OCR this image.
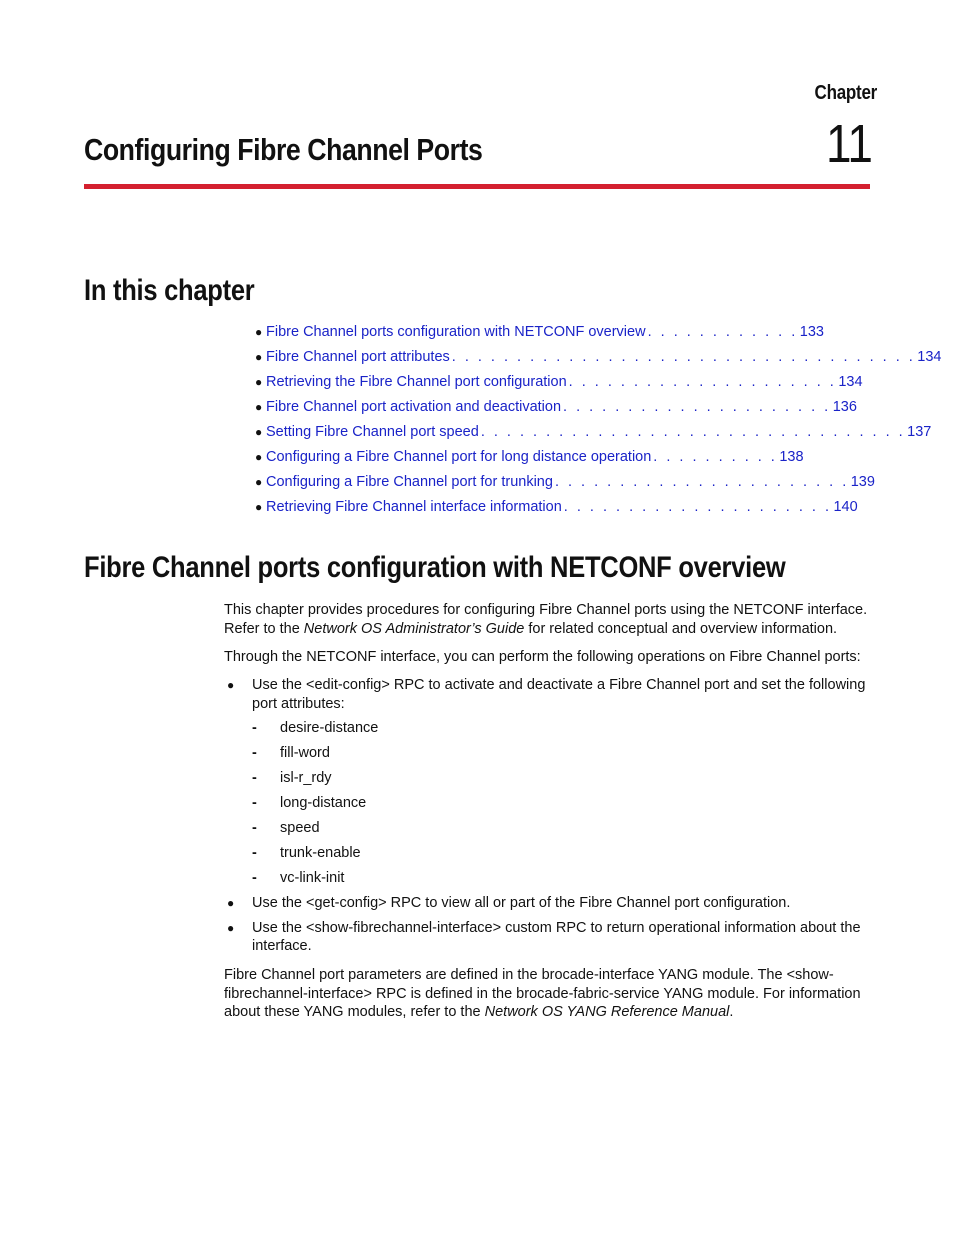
Chapter
11
Configuring Fibre Channel Ports
In this chapter
● Fibre Channel ports configuration with NETCONF overview . . . . . . . . . . . . 133
● Fibre Channel port attributes . . . . . . . . . . . . . . . . . . . . . . . . . . . . . . . . . . . . 134
● Retrieving the Fibre Channel port configuration . . . . . . . . . . . . . . . . . . . . . 134
● Fibre Channel port activation and deactivation . . . . . . . . . . . . . . . . . . . . . 136
● Setting Fibre Channel port speed . . . . . . . . . . . . . . . . . . . . . . . . . . . . . . . . . 137
● Configuring a Fibre Channel port for long distance operation . . . . . . . . . . 138
● Configuring a Fibre Channel port for trunking . . . . . . . . . . . . . . . . . . . . . . . 139
● Retrieving Fibre Channel interface information . . . . . . . . . . . . . . . . . . . . . 140
Fibre Channel ports configuration with NETCONF overview

This chapter provides procedures for configuring Fibre Channel ports using the NETCONF interface. Refer to the Network OS Administrator’s Guide for related conceptual and overview information.

Through the NETCONF interface, you can perform the following operations on Fibre Channel ports:

● Use the <edit-config> RPC to activate and deactivate a Fibre Channel port and set the following port attributes:
- desire-distance
- fill-word
- isl-r_rdy
- long-distance
- speed
- trunk-enable
- vc-link-init
● Use the <get-config> RPC to view all or part of the Fibre Channel port configuration.
● Use the <show-fibrechannel-interface> custom RPC to return operational information about the interface.

Fibre Channel port parameters are defined in the brocade-interface YANG module. The <show-fibrechannel-interface> RPC is defined in the brocade-fabric-service YANG module. For information about these YANG modules, refer to the Network OS YANG Reference Manual.
